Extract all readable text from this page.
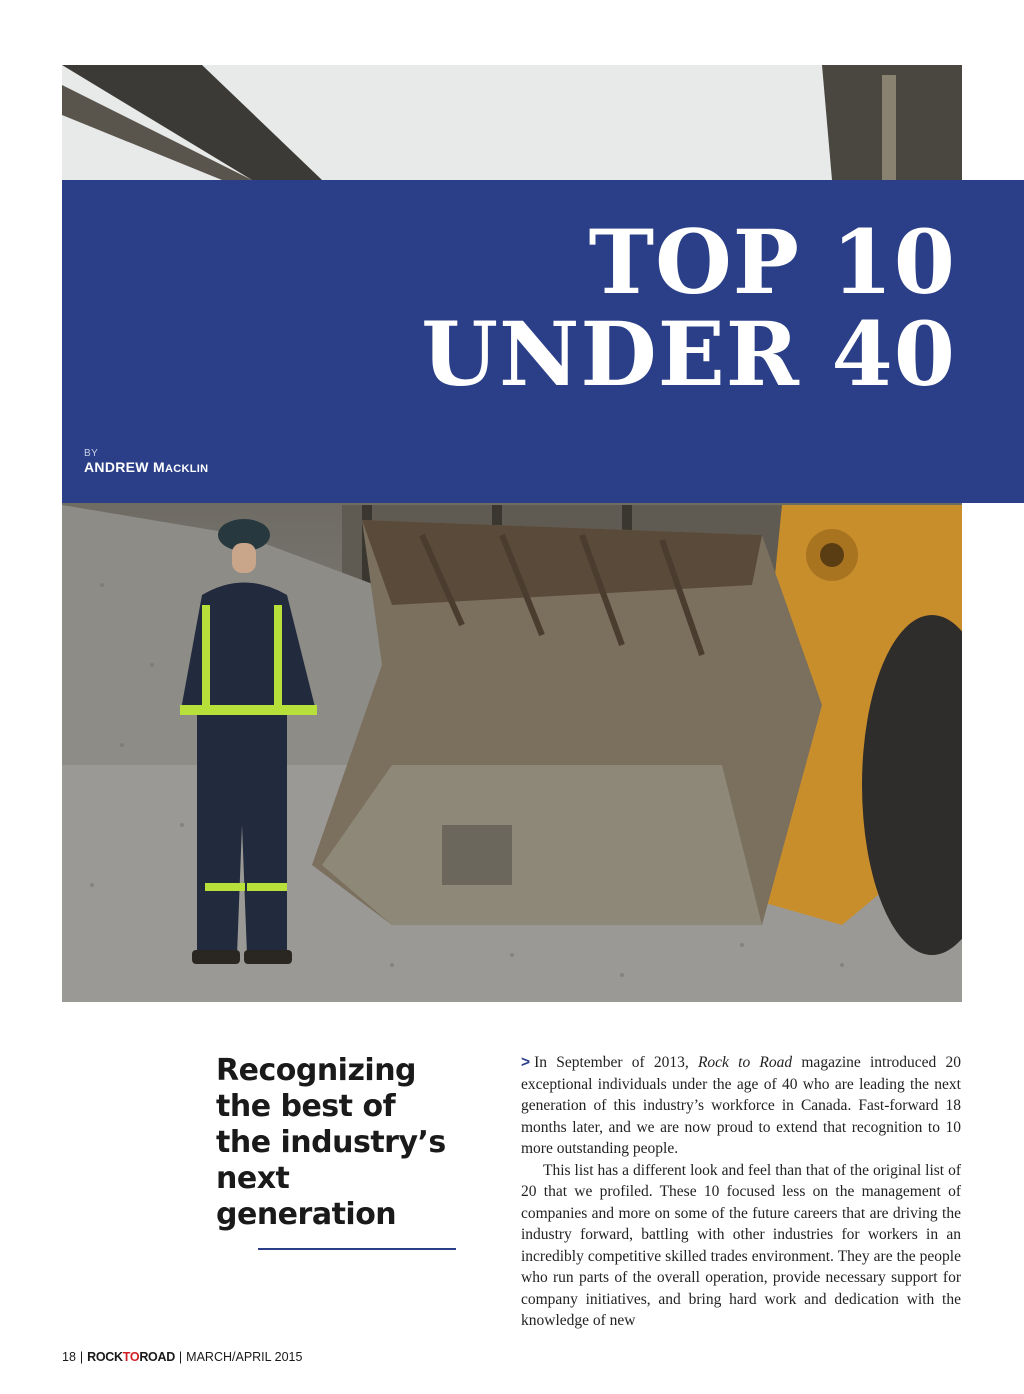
TOP 10
UNDER 40
BY
ANDREW MACKLIN
Recognizing
the best of
the industry’s
next
generation

> In September of 2013, Rock to Road magazine introduced 20 exceptional individuals under the age of 40 who are leading the next generation of this industry’s workforce in Canada. Fast-forward 18 months later, and we are now proud to extend that recognition to 10 more outstanding people.

This list has a different look and feel than that of the original list of 20 that we profiled. These 10 focused less on the management of companies and more on some of the future careers that are driving the industry forward, battling with other industries for workers in an incredibly competitive skilled trades environment. They are the people who run parts of the overall operation, provide necessary support for company initiatives, and bring hard work and dedication with the knowledge of new

18 | ROCKTOROAD | MARCH/APRIL 2015
